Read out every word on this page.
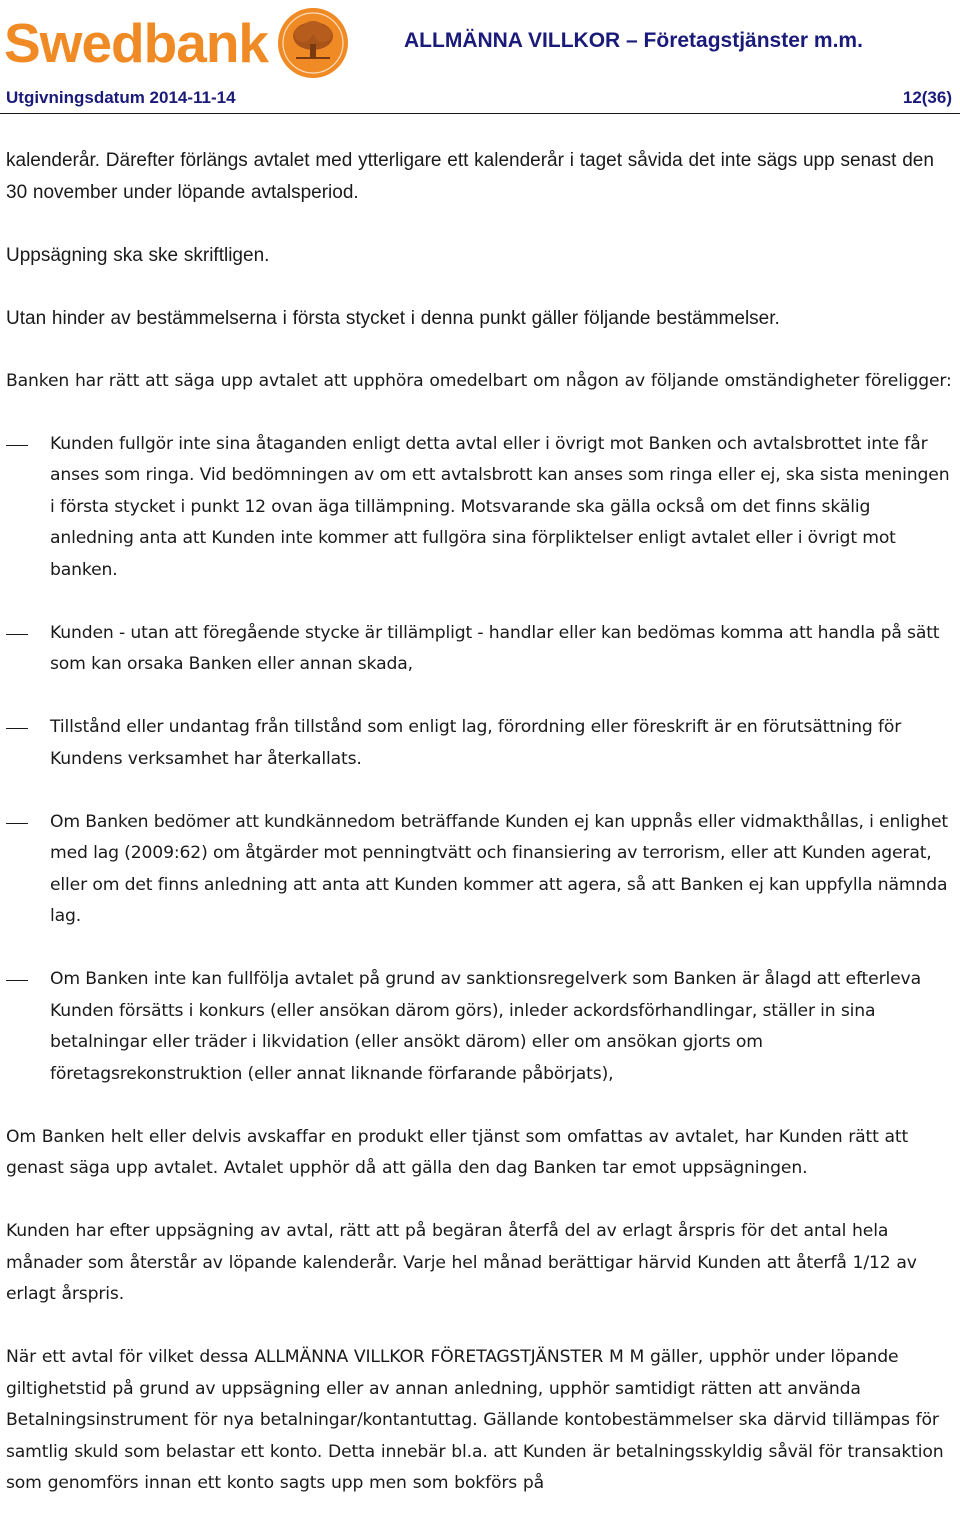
Swedbank	ALLMÄNNA VILLKOR – Företagstjänster m.m.
Utgivningsdatum 2014-11-14	12(36)

kalenderår. Därefter förlängs avtalet med ytterligare ett kalenderår i taget såvida det inte sägs upp senast den 30 november under löpande avtalsperiod.

Uppsägning ska ske skriftligen.

Utan hinder av bestämmelserna i första stycket i denna punkt gäller följande bestämmelser.

Banken har rätt att säga upp avtalet att upphöra omedelbart om någon av följande omständigheter föreligger:

Kunden fullgör inte sina åtaganden enligt detta avtal eller i övrigt mot Banken och avtalsbrottet inte får anses som ringa. Vid bedömningen av om ett avtalsbrott kan anses som ringa eller ej, ska sista meningen i första stycket i punkt 12 ovan äga tillämpning. Motsvarande ska gälla också om det finns skälig anledning anta att Kunden inte kommer att fullgöra sina förpliktelser enligt avtalet eller i övrigt mot banken.
Kunden - utan att föregående stycke är tillämpligt - handlar eller kan bedömas komma att handla på sätt som kan orsaka Banken eller annan skada,
Tillstånd eller undantag från tillstånd som enligt lag, förordning eller föreskrift är en förutsättning för Kundens verksamhet har återkallats.
Om Banken bedömer att kundkännedom beträffande Kunden ej kan uppnås eller vidmakthållas, i enlighet med lag (2009:62) om åtgärder mot penningtvätt och finansiering av terrorism, eller att Kunden agerat, eller om det finns anledning att anta att Kunden kommer att agera, så att Banken ej kan uppfylla nämnda lag.
Om Banken inte kan fullfölja avtalet på grund av sanktionsregelverk som Banken är ålagd att efterleva Kunden försätts i konkurs (eller ansökan därom görs), inleder ackordsförhandlingar, ställer in sina betalningar eller träder i likvidation (eller ansökt därom) eller om ansökan gjorts om företagsrekonstruktion (eller annat liknande förfarande påbörjats),

Om Banken helt eller delvis avskaffar en produkt eller tjänst som omfattas av avtalet, har Kunden rätt att genast säga upp avtalet. Avtalet upphör då att gälla den dag Banken tar emot uppsägningen.

Kunden har efter uppsägning av avtal, rätt att på begäran återfå del av erlagt årspris för det antal hela månader som återstår av löpande kalenderår. Varje hel månad berättigar härvid Kunden att återfå 1/12 av erlagt årspris.

När ett avtal för vilket dessa ALLMÄNNA VILLKOR FÖRETAGSTJÄNSTER M M gäller, upphör under löpande giltighetstid på grund av uppsägning eller av annan anledning, upphör samtidigt rätten att använda Betalningsinstrument för nya betalningar/kontantuttag. Gällande kontobestämmelser ska därvid tillämpas för samtlig skuld som belastar ett konto. Detta innebär bl.a. att Kunden är betalningsskyldig såväl för transaktion som genomförs innan ett konto sagts upp men som bokförs på
